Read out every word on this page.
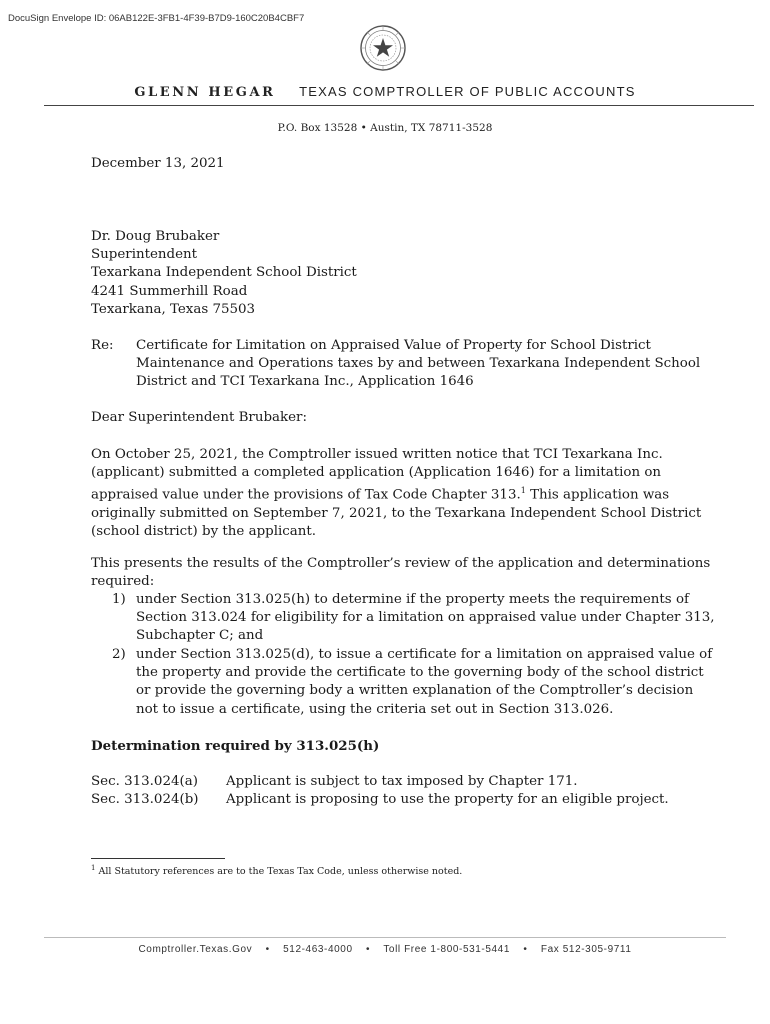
DocuSign Envelope ID: 06AB122E-3FB1-4F39-B7D9-160C20B4CBF7
GLENN HEGAR TEXAS COMPTROLLER OF PUBLIC ACCOUNTS
P.O. Box 13528 • Austin, TX 78711-3528
December 13, 2021
Dr. Doug Brubaker
Superintendent
Texarkana Independent School District
4241 Summerhill Road
Texarkana, Texas 75503
Re: Certificate for Limitation on Appraised Value of Property for School District
Maintenance and Operations taxes by and between Texarkana Independent School
District and TCI Texarkana Inc., Application 1646
Dear Superintendent Brubaker:
On October 25, 2021, the Comptroller issued written notice that TCI Texarkana Inc.
(applicant) submitted a completed application (Application 1646) for a limitation on
appraised value under the provisions of Tax Code Chapter 313.$^1$ This application was
originally submitted on September 7, 2021, to the Texarkana Independent School District
(school district) by the applicant.
This presents the results of the Comptroller’s review of the application and determinations
required:
1) under Section 313.025(h) to determine if the property meets the requirements of
Section 313.024 for eligibility for a limitation on appraised value under Chapter 313,
Subchapter C; and
2) under Section 313.025(d), to issue a certificate for a limitation on appraised value of
the property and provide the certificate to the governing body of the school district
or provide the governing body a written explanation of the Comptroller’s decision
not to issue a certificate, using the criteria set out in Section 313.026.
Determination required by 313.025(h)
Sec. 313.024(a) Applicant is subject to tax imposed by Chapter 171.
Sec. 313.024(b) Applicant is proposing to use the property for an eligible project.
$^1$ All Statutory references are to the Texas Tax Code, unless otherwise noted.
Comptroller.Texas.Gov • 512-463-4000 • Toll Free 1-800-531-5441 • Fax 512-305-9711
